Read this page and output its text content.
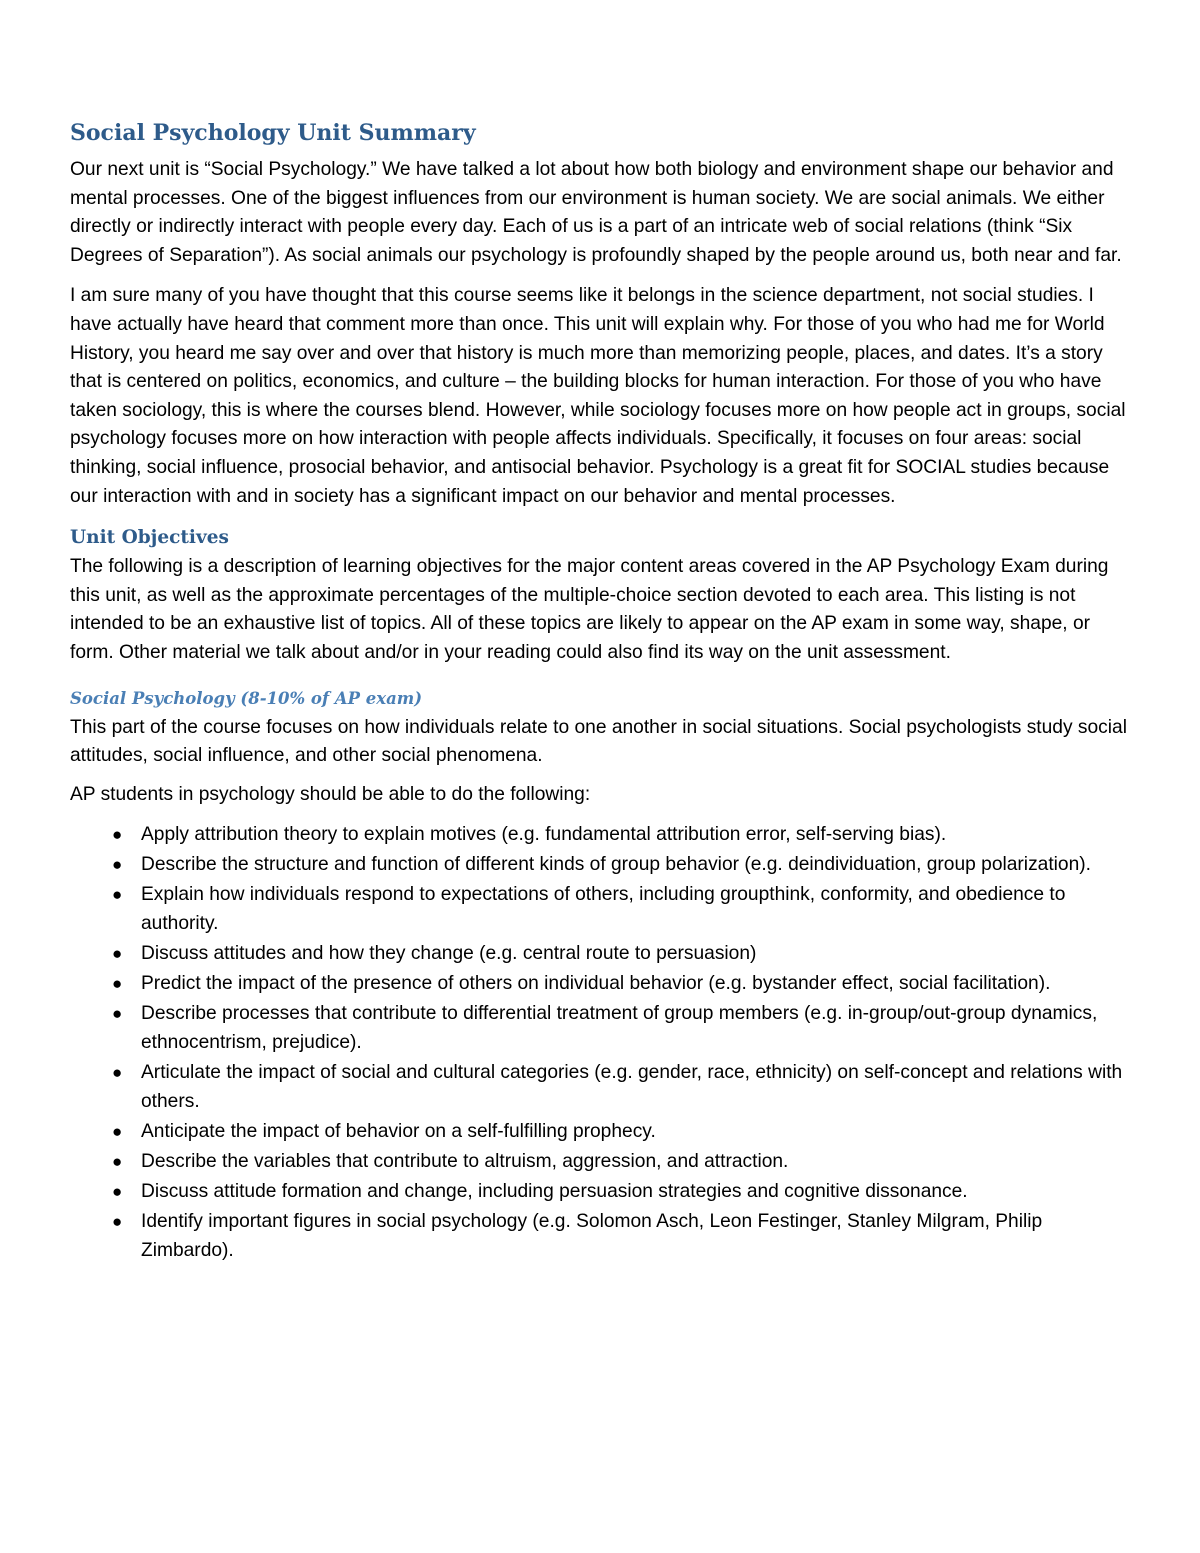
Social Psychology Unit Summary

Our next unit is “Social Psychology.” We have talked a lot about how both biology and environment shape our behavior and mental processes. One of the biggest influences from our environment is human society. We are social animals. We either directly or indirectly interact with people every day. Each of us is a part of an intricate web of social relations (think “Six Degrees of Separation”). As social animals our psychology is profoundly shaped by the people around us, both near and far.

I am sure many of you have thought that this course seems like it belongs in the science department, not social studies. I have actually have heard that comment more than once. This unit will explain why. For those of you who had me for World History, you heard me say over and over that history is much more than memorizing people, places, and dates. It’s a story that is centered on politics, economics, and culture – the building blocks for human interaction. For those of you who have taken sociology, this is where the courses blend. However, while sociology focuses more on how people act in groups, social psychology focuses more on how interaction with people affects individuals. Specifically, it focuses on four areas: social thinking, social influence, prosocial behavior, and antisocial behavior. Psychology is a great fit for SOCIAL studies because our interaction with and in society has a significant impact on our behavior and mental processes.

Unit Objectives

The following is a description of learning objectives for the major content areas covered in the AP Psychology Exam during this unit, as well as the approximate percentages of the multiple-choice section devoted to each area. This listing is not intended to be an exhaustive list of topics. All of these topics are likely to appear on the AP exam in some way, shape, or form. Other material we talk about and/or in your reading could also find its way on the unit assessment.

Social Psychology (8-10% of AP exam)

This part of the course focuses on how individuals relate to one another in social situations. Social psychologists study social attitudes, social influence, and other social phenomena.

AP students in psychology should be able to do the following:

● Apply attribution theory to explain motives (e.g. fundamental attribution error, self-serving bias).
● Describe the structure and function of different kinds of group behavior (e.g. deindividuation, group polarization).
● Explain how individuals respond to expectations of others, including groupthink, conformity, and obedience to authority.
● Discuss attitudes and how they change (e.g. central route to persuasion)
● Predict the impact of the presence of others on individual behavior (e.g. bystander effect, social facilitation).
● Describe processes that contribute to differential treatment of group members (e.g. in-group/out-group dynamics, ethnocentrism, prejudice).
● Articulate the impact of social and cultural categories (e.g. gender, race, ethnicity) on self-concept and relations with others.
● Anticipate the impact of behavior on a self-fulfilling prophecy.
● Describe the variables that contribute to altruism, aggression, and attraction.
● Discuss attitude formation and change, including persuasion strategies and cognitive dissonance.
● Identify important figures in social psychology (e.g. Solomon Asch, Leon Festinger, Stanley Milgram, Philip Zimbardo).
